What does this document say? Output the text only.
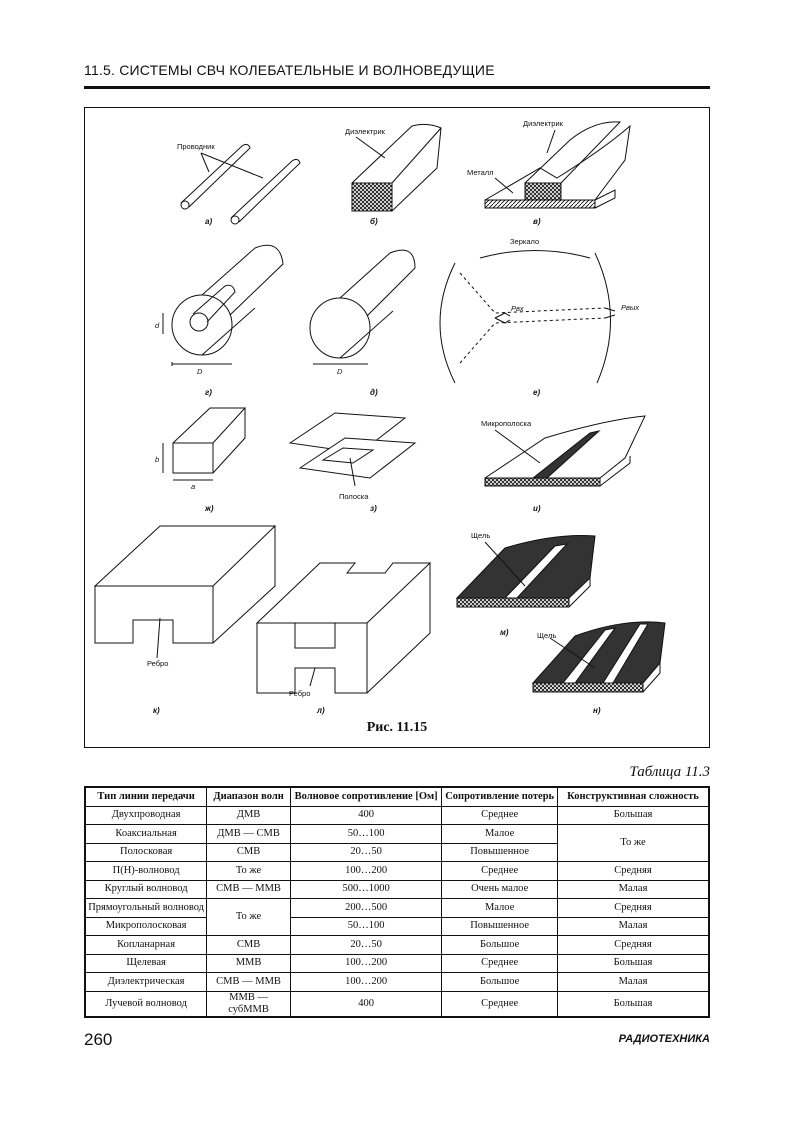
11.5. СИСТЕМЫ СВЧ КОЛЕБАТЕЛЬНЫЕ И ВОЛНОВЕДУЩИЕ
Проводник
Диэлектрик
Диэлектрик
Металл
Зеркало
Pвх	Pвых
Микрополоска
Полоска
Щель
Щель
Ребро
Ребро
d
D	D
a
b
а)	б)	в)
г)	д)	е)
ж)	з)	и)
к)	л)
м)
н)
Рис. 11.15
Таблица 11.3
Тип линии передачи	Диапазон волн	Волновое сопротивление [Ом]	Сопротивление потерь	Конструктивная сложность
Двухпроводная	ДМВ	400	Среднее	Большая
Коаксиальная	ДМВ — СМВ	50…100	Малое	То же
Полосковая	СМВ	20…50	Повышенное	
П(Н)-волновод	То же	100…200	Среднее	Средняя
Круглый волновод	СМВ — ММВ	500…1000	Очень малое	Малая
Прямоугольный волновод	То же	200…500	Малое	Средняя
Микрополосковая		50…100	Повышенное	Малая
Копланарная	СМВ	20…50	Большое	Средняя
Щелевая	ММВ	100…200	Среднее	Большая
Диэлектрическая	СМВ — ММВ	100…200	Большое	Малая
Лучевой волновод	ММВ — субММВ	400	Среднее	Большая
260	РАДИОТЕХНИКА
